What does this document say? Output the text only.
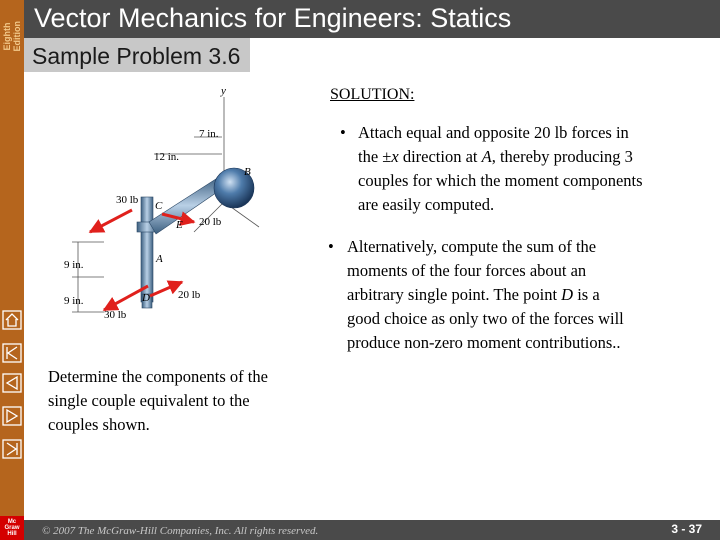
Eighth
Edition
Vector Mechanics for Engineers: Statics
Sample Problem 3.6
y
7 in.
12 in.
B
30 lb C
20 lb
E
A
9 in.
9 in.	D	20 lb
30 lb
SOLUTION:
• Attach equal and opposite 20 lb forces in
the ±x direction at A, thereby producing 3
couples for which the moment components
are easily computed.
• Alternatively, compute the sum of the
moments of the four forces about an
arbitrary single point. The point D is a
good choice as only two of the forces will
produce non-zero moment contributions..
Determine the components of the
single couple equivalent to the
couples shown.
© 2007 The McGraw-Hill Companies, Inc. All rights reserved.	3 - 37
Mc
Graw
Hill
